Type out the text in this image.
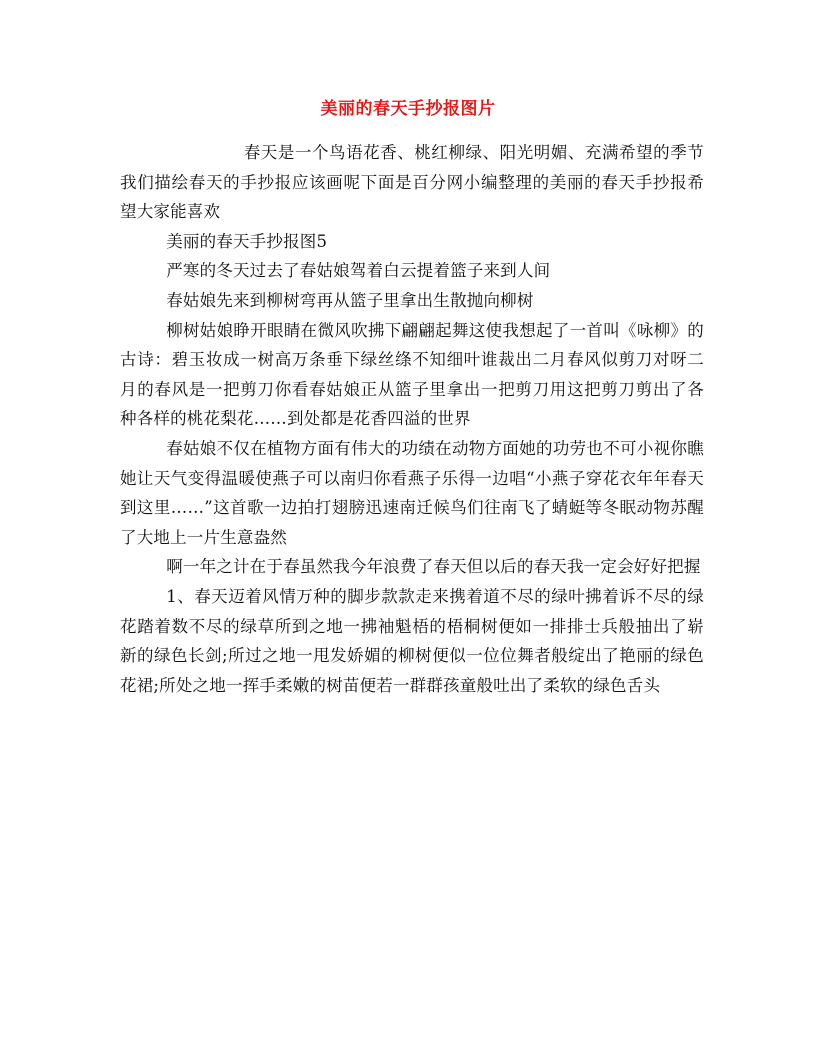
美丽的春天手抄报图片

春天是一个鸟语花香、桃红柳绿、阳光明媚、充满希望的季节我们描绘春天的手抄报应该画呢下面是百分网小编整理的美丽的春天手抄报希望大家能喜欢

美丽的春天手抄报图5

严寒的冬天过去了春姑娘驾着白云提着篮子来到人间

春姑娘先来到柳树弯再从篮子里拿出生散抛向柳树

柳树姑娘睁开眼睛在微风吹拂下翩翩起舞这使我想起了一首叫《咏柳》的古诗：碧玉妆成一树高万条垂下绿丝绦不知细叶谁裁出二月春风似剪刀对呀二月的春风是一把剪刀你看春姑娘正从篮子里拿出一把剪刀用这把剪刀剪出了各种各样的桃花梨花……到处都是花香四溢的世界

春姑娘不仅在植物方面有伟大的功绩在动物方面她的功劳也不可小视你瞧她让天气变得温暖使燕子可以南归你看燕子乐得一边唱“小燕子穿花衣年年春天到这里……”这首歌一边拍打翅膀迅速南迁候鸟们往南飞了蜻蜓等冬眠动物苏醒了大地上一片生意盎然

啊一年之计在于春虽然我今年浪费了春天但以后的春天我一定会好好把握

1、春天迈着风情万种的脚步款款走来携着道不尽的绿叶拂着诉不尽的绿花踏着数不尽的绿草所到之地一拂袖魁梧的梧桐树便如一排排士兵般抽出了崭新的绿色长剑;所过之地一甩发娇媚的柳树便似一位位舞者般绽出了艳丽的绿色花裙;所处之地一挥手柔嫩的树苗便若一群群孩童般吐出了柔软的绿色舌头
